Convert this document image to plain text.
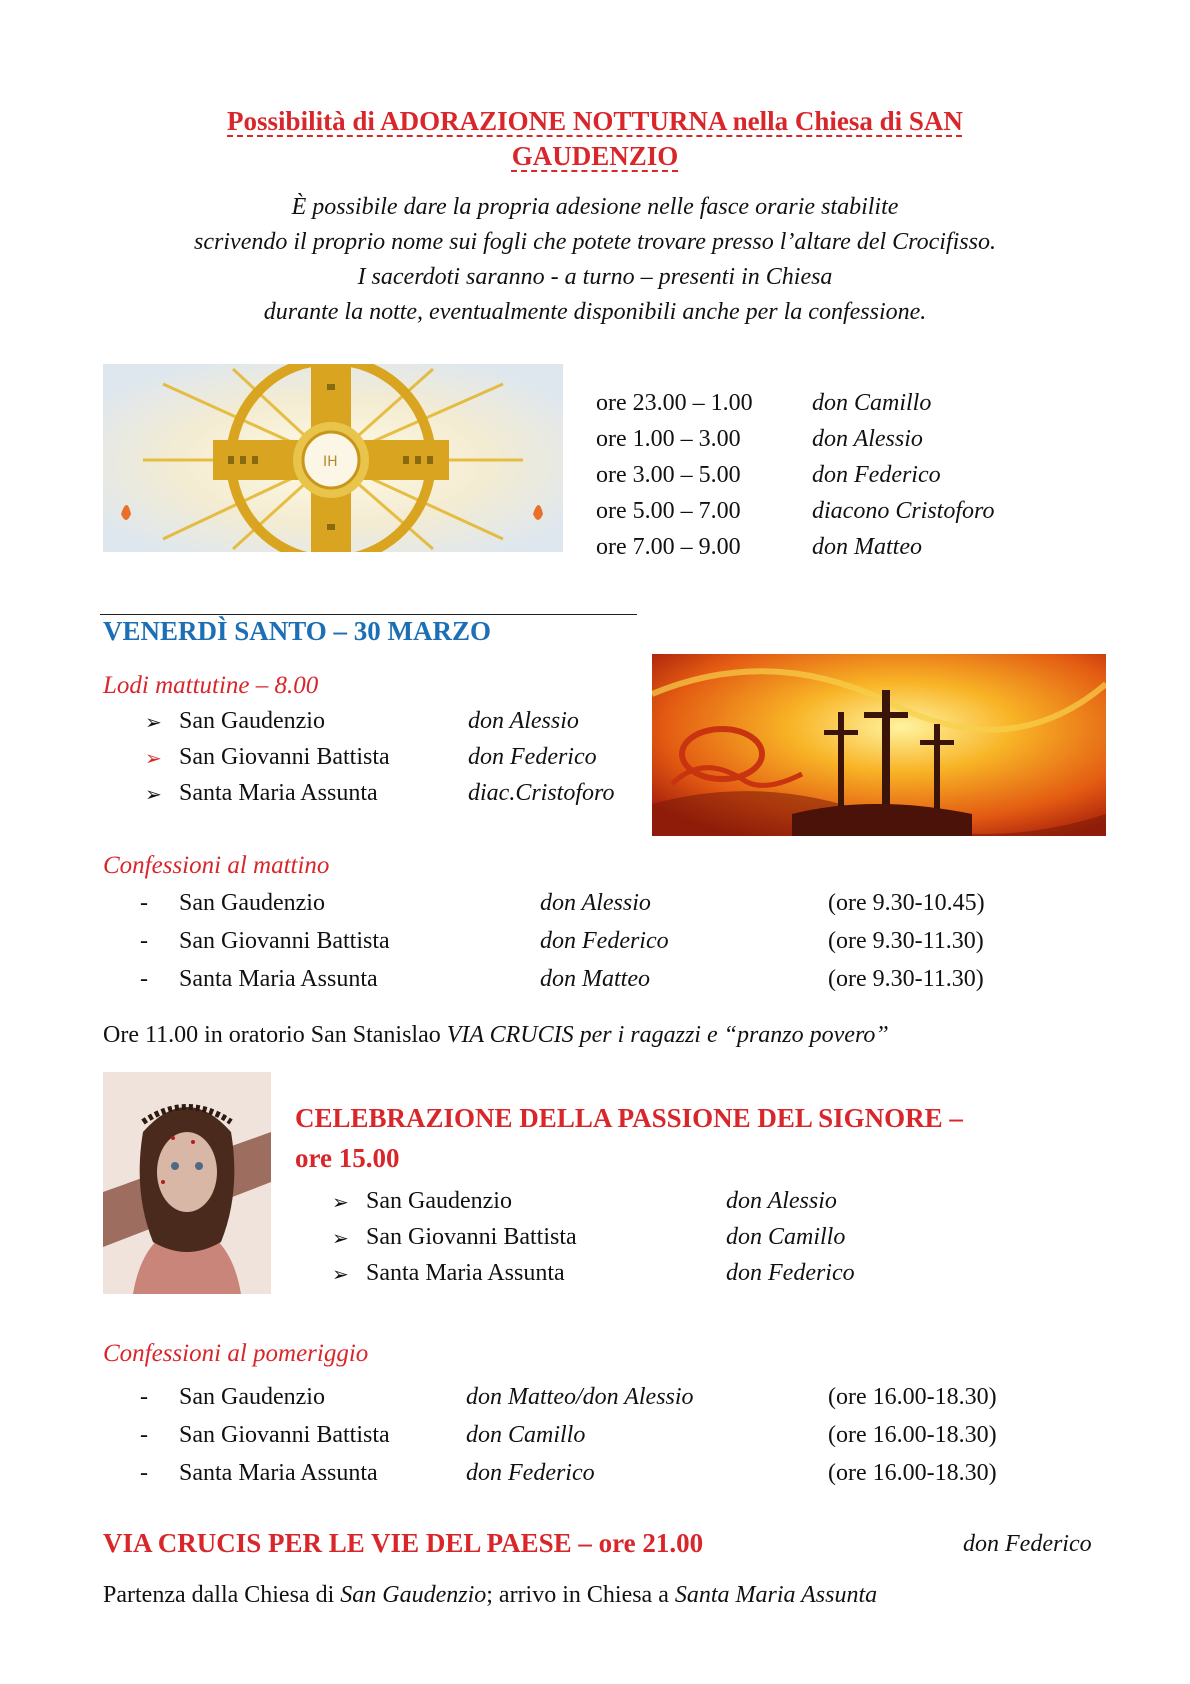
Possibilità di ADORAZIONE NOTTURNA nella Chiesa di SAN
GAUDENZIO
È possibile dare la propria adesione nelle fasce orarie stabilite
scrivendo il proprio nome sui fogli che potete trovare presso l’altare del Crocifisso.
I sacerdoti saranno - a turno – presenti in Chiesa
durante la notte, eventualmente disponibili anche per la confessione.
IH
ore 23.00 – 1.00 don Camillo
ore 1.00 – 3.00	don Alessio
ore 3.00 – 5.00	don Federico
ore 5.00 – 7.00	diacono Cristoforo
ore 7.00 – 9.00	don Matteo
VENERDÌ SANTO – 30 MARZO
Lodi mattutine – 8.00
➢ San Gaudenzio	don Alessio
➢ San Giovanni Battista	don Federico
➢ Santa Maria Assunta	diac.Cristoforo
Confessioni al mattino
- San Gaudenzio	don Alessio	(ore 9.30-10.45)
- San Giovanni Battista	don Federico	(ore 9.30-11.30)
- Santa Maria Assunta	don Matteo	(ore 9.30-11.30)
Ore 11.00 in oratorio San Stanislao VIA CRUCIS per i ragazzi e “pranzo povero”
CELEBRAZIONE DELLA PASSIONE DEL SIGNORE –
ore 15.00
➢ San Gaudenzio	don Alessio
➢ San Giovanni Battista	don Camillo
➢ Santa Maria Assunta	don Federico
Confessioni al pomeriggio
- San Gaudenzio	don Matteo/don Alessio	(ore 16.00-18.30)
- San Giovanni Battista	don Camillo	(ore 16.00-18.30)
- Santa Maria Assunta	don Federico	(ore 16.00-18.30)
VIA CRUCIS PER LE VIE DEL PAESE – ore 21.00	don Federico
Partenza dalla Chiesa di San Gaudenzio; arrivo in Chiesa a Santa Maria Assunta
